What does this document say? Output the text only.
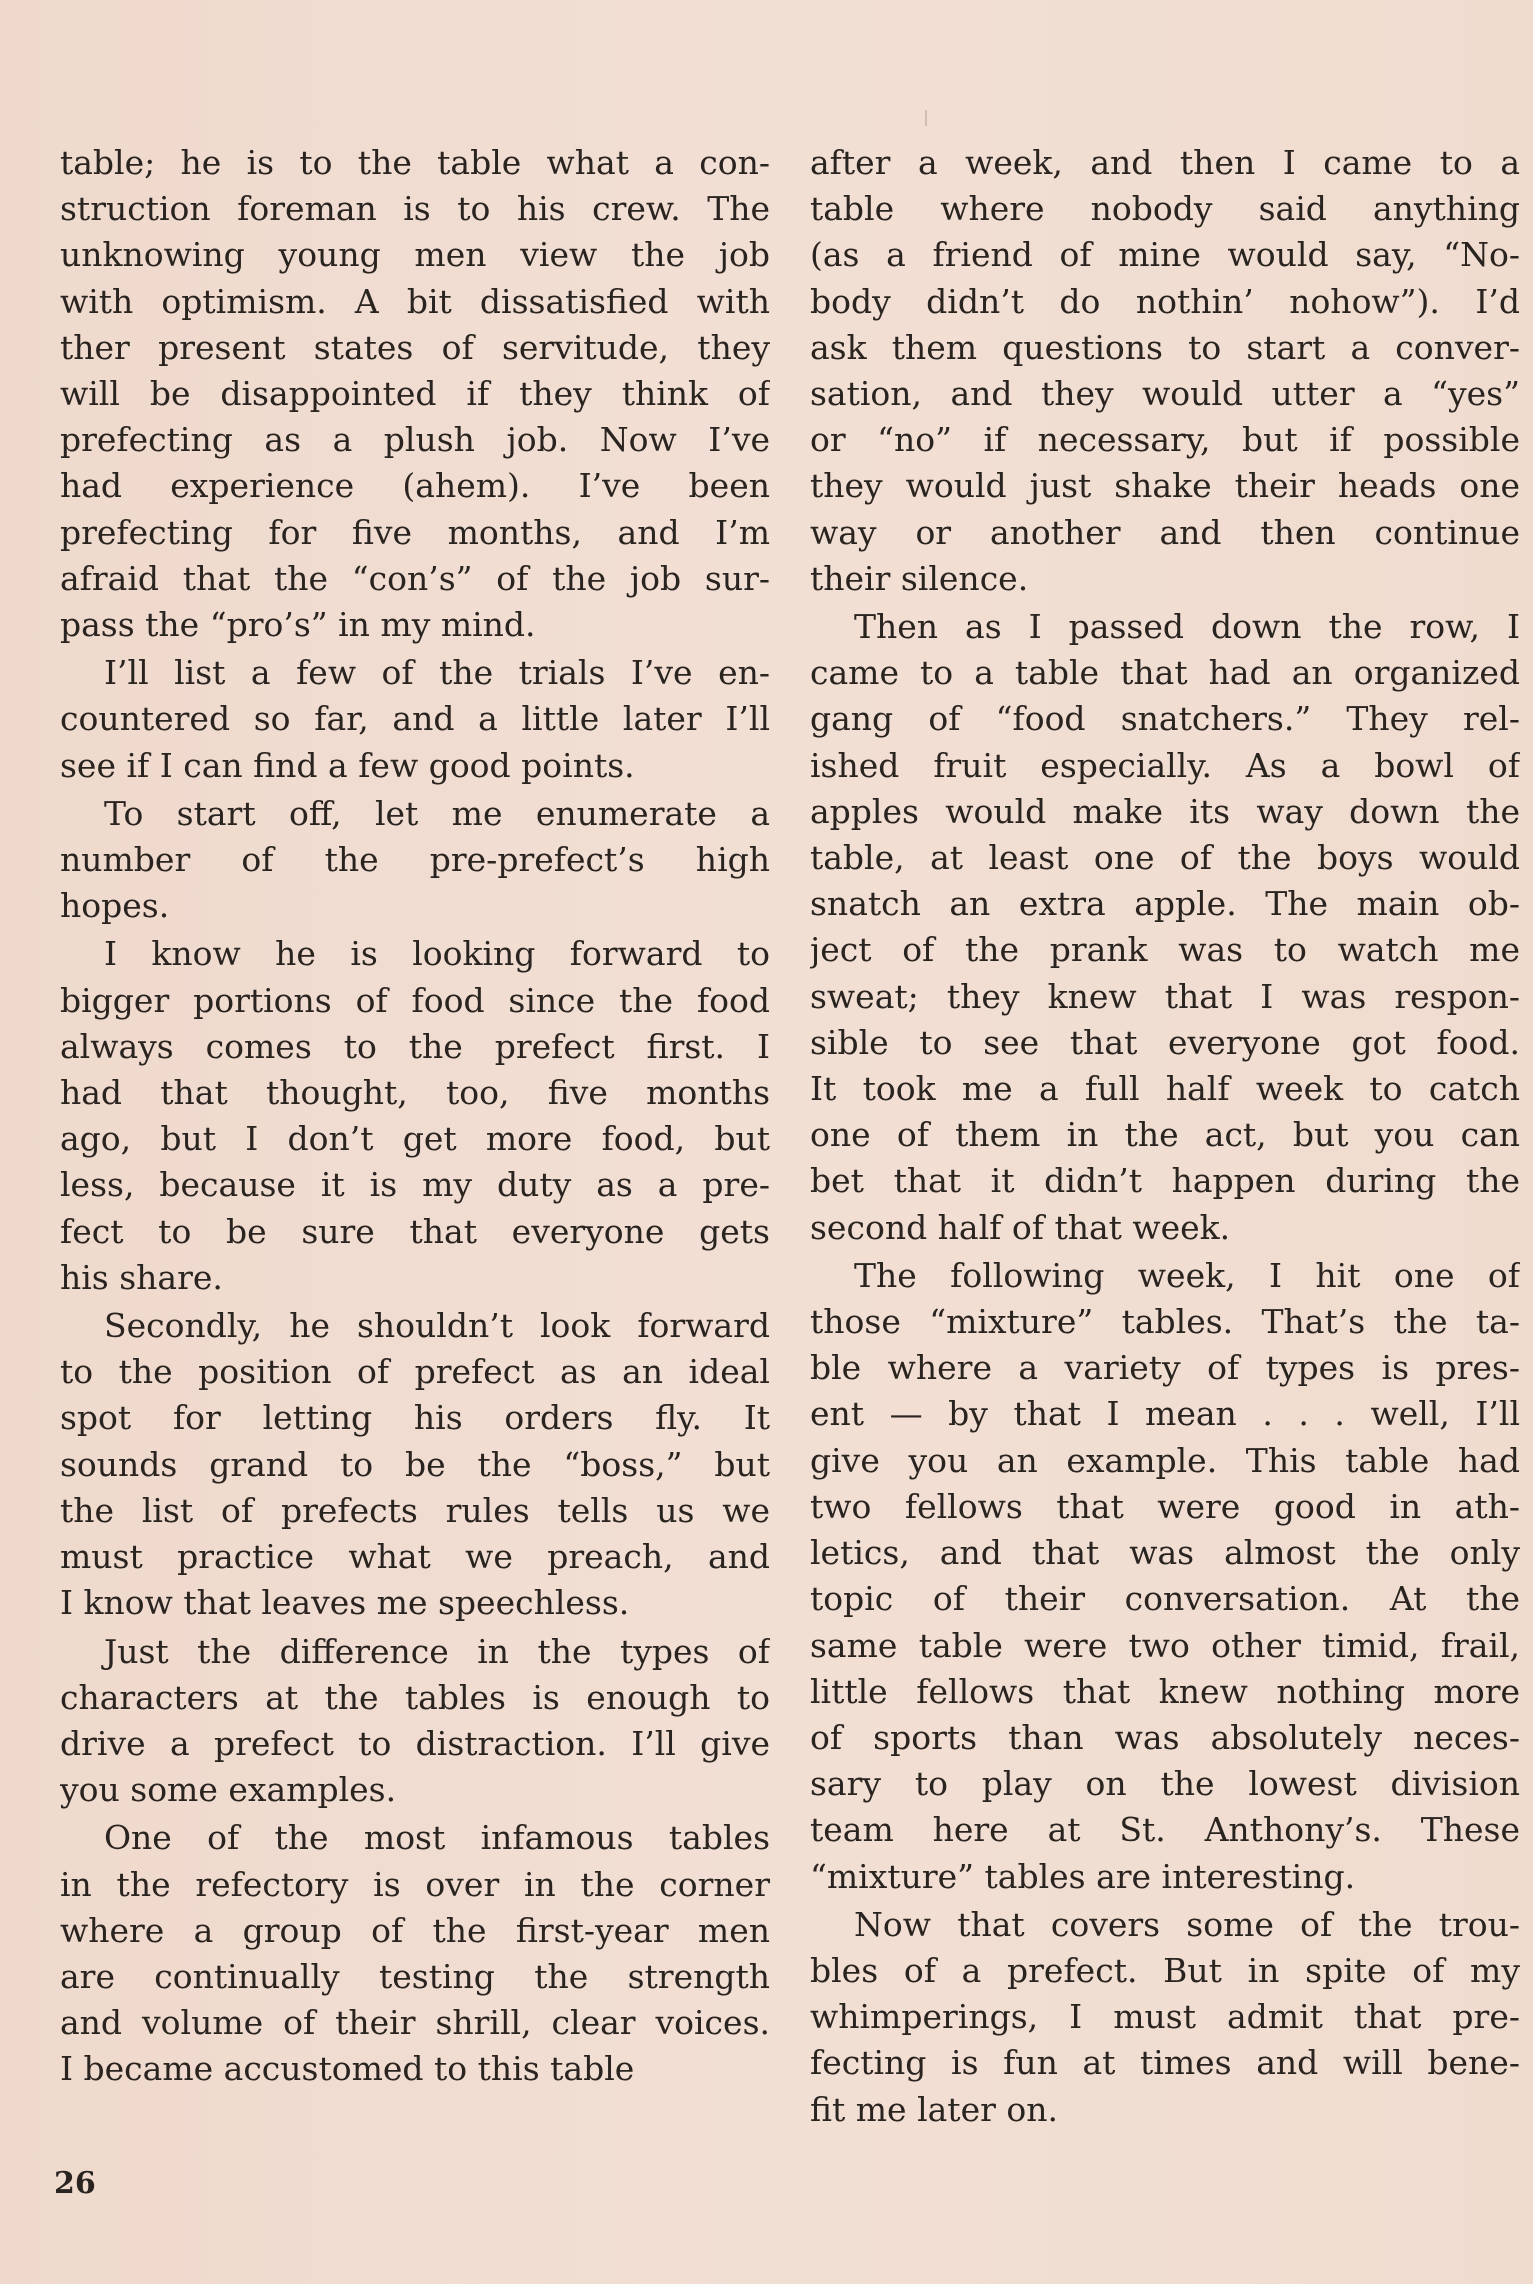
table; he is to the table what a con-
struction foreman is to his crew. The
unknowing young men view the job
with optimism. A bit dissatisfied with
ther present states of servitude, they
will be disappointed if they think of
prefecting as a plush job. Now I’ve
had experience (ahem). I’ve been
prefecting for five months, and I’m
afraid that the “con’s” of the job sur-
pass the “pro’s” in my mind.
I’ll list a few of the trials I’ve en-
countered so far, and a little later I’ll
see if I can find a few good points.
To start off, let me enumerate a
number of the pre-prefect’s high
hopes.
I know he is looking forward to
bigger portions of food since the food
always comes to the prefect first. I
had that thought, too, five months
ago, but I don’t get more food, but
less, because it is my duty as a pre-
fect to be sure that everyone gets
his share.
Secondly, he shouldn’t look forward
to the position of prefect as an ideal
spot for letting his orders fly. It
sounds grand to be the “boss,” but
the list of prefects rules tells us we
must practice what we preach, and
I know that leaves me speechless.
Just the difference in the types of
characters at the tables is enough to
drive a prefect to distraction. I’ll give
you some examples.
One of the most infamous tables
in the refectory is over in the corner
where a group of the first-year men
are continually testing the strength
and volume of their shrill, clear voices.
I became accustomed to this table
after a week, and then I came to a
table where nobody said anything
(as a friend of mine would say, “No-
body didn’t do nothin’ nohow”). I’d
ask them questions to start a conver-
sation, and they would utter a “yes”
or “no” if necessary, but if possible
they would just shake their heads one
way or another and then continue
their silence.
Then as I passed down the row, I
came to a table that had an organized
gang of “food snatchers.” They rel-
ished fruit especially. As a bowl of
apples would make its way down the
table, at least one of the boys would
snatch an extra apple. The main ob-
ject of the prank was to watch me
sweat; they knew that I was respon-
sible to see that everyone got food.
It took me a full half week to catch
one of them in the act, but you can
bet that it didn’t happen during the
second half of that week.
The following week, I hit one of
those “mixture” tables. That’s the ta-
ble where a variety of types is pres-
ent — by that I mean . . . well, I’ll
give you an example. This table had
two fellows that were good in ath-
letics, and that was almost the only
topic of their conversation. At the
same table were two other timid, frail,
little fellows that knew nothing more
of sports than was absolutely neces-
sary to play on the lowest division
team here at St. Anthony’s. These
“mixture” tables are interesting.
Now that covers some of the trou-
bles of a prefect. But in spite of my
whimperings, I must admit that pre-
fecting is fun at times and will bene-
fit me later on.
26
